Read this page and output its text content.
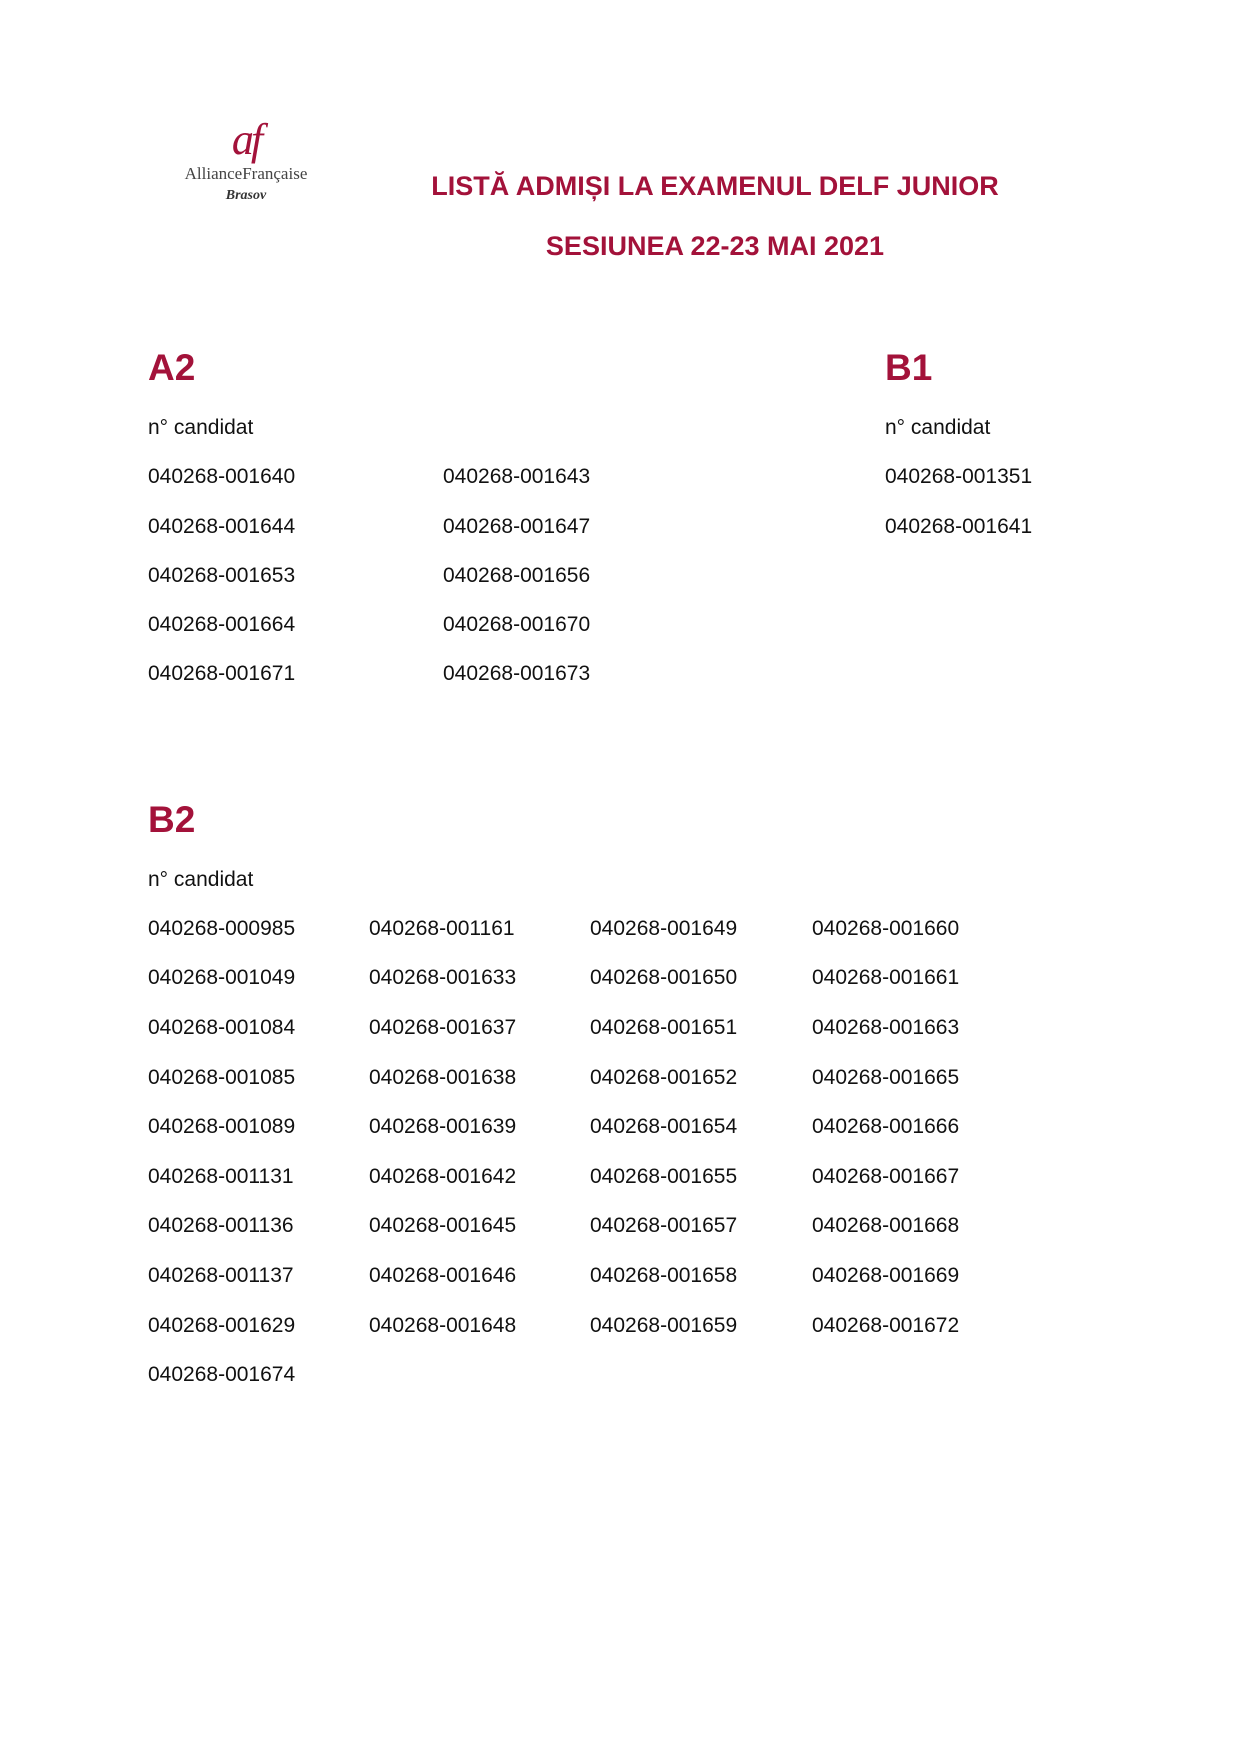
af
AllianceFrançaise
Brasov	LISTĂ ADMIȘI LA EXAMENUL DELF JUNIOR
SESIUNEA 22-23 MAI 2021
A2
n° candidat
040268-001640
040268-001644
040268-001653
040268-001664
040268-001671
040268-001643
040268-001647
040268-001656
040268-001670
040268-001673
B1
n° candidat
040268-001351
040268-001641
B2
n° candidat
040268-000985
040268-001049
040268-001084
040268-001085
040268-001089
040268-001131
040268-001136
040268-001137
040268-001629
040268-001674
040268-001161
040268-001633
040268-001637
040268-001638
040268-001639
040268-001642
040268-001645
040268-001646
040268-001648
040268-001649
040268-001650
040268-001651
040268-001652
040268-001654
040268-001655
040268-001657
040268-001658
040268-001659
040268-001660
040268-001661
040268-001663
040268-001665
040268-001666
040268-001667
040268-001668
040268-001669
040268-001672
